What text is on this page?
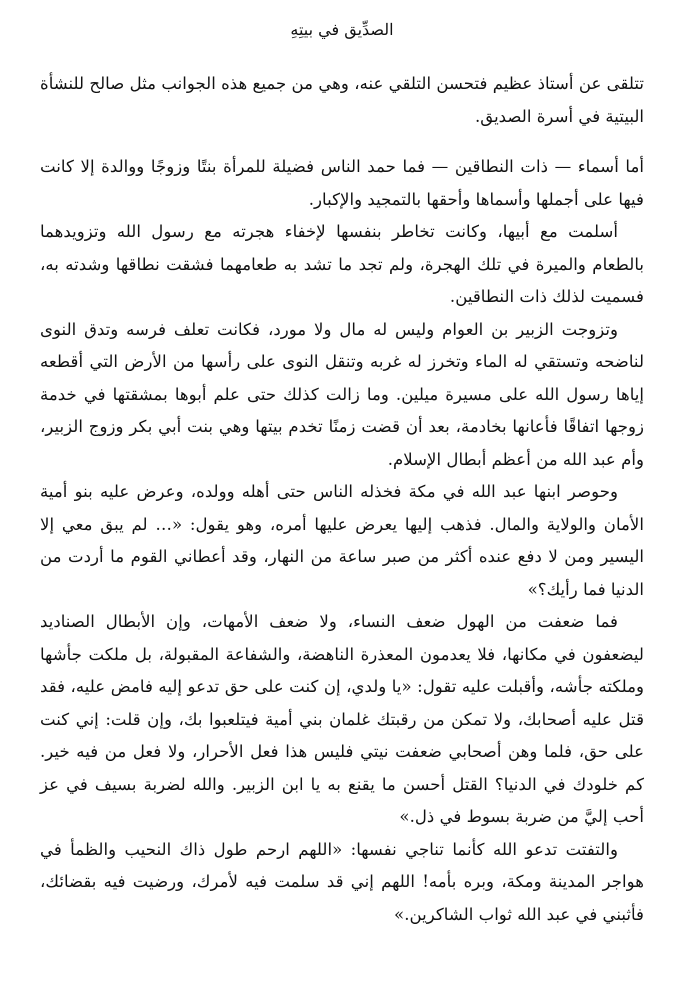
الصدِّيق في بيتِهِ

تتلقى عن أستاذ عظيم فتحسن التلقي عنه، وهي من جميع هذه الجوانب مثل صالح للنشأة البيتية في أسرة الصديق.

أما أسماء — ذات النطاقين — فما حمد الناس فضيلة للمرأة بنتًا وزوجًا ووالدة إلا كانت فيها على أجملها وأسماها وأحقها بالتمجيد والإكبار.

أسلمت مع أبيها، وكانت تخاطر بنفسها لإخفاء هجرته مع رسول الله وتزويدهما بالطعام والميرة في تلك الهجرة، ولم تجد ما تشد به طعامهما فشقت نطاقها وشدته به، فسميت لذلك ذات النطاقين.

وتزوجت الزبير بن العوام وليس له مال ولا مورد، فكانت تعلف فرسه وتدق النوى لناضحه وتستقي له الماء وتخرز له غربه وتنقل النوى على رأسها من الأرض التي أقطعه إياها رسول الله على مسيرة ميلين. وما زالت كذلك حتى علم أبوها بمشقتها في خدمة زوجها اتفاقًا فأعانها بخادمة، بعد أن قضت زمنًا تخدم بيتها وهي بنت أبي بكر وزوج الزبير، وأم عبد الله من أعظم أبطال الإسلام.

وحوصر ابنها عبد الله في مكة فخذله الناس حتى أهله وولده، وعرض عليه بنو أمية الأمان والولاية والمال. فذهب إليها يعرض عليها أمره، وهو يقول: «… لم يبق معي إلا اليسير ومن لا دفع عنده أكثر من صبر ساعة من النهار، وقد أعطاني القوم ما أردت من الدنيا فما رأيك؟»

فما ضعفت من الهول ضعف النساء، ولا ضعف الأمهات، وإن الأبطال الصناديد ليضعفون في مكانها، فلا يعدمون المعذرة الناهضة، والشفاعة المقبولة، بل ملكت جأشها وملكته جأشه، وأقبلت عليه تقول: «يا ولدي، إن كنت على حق تدعو إليه فامض عليه، فقد قتل عليه أصحابك، ولا تمكن من رقبتك غلمان بني أمية فيتلعبوا بك، وإن قلت: إني كنت على حق، فلما وهن أصحابي ضعفت نيتي فليس هذا فعل الأحرار، ولا فعل من فيه خير. كم خلودك في الدنيا؟ القتل أحسن ما يقنع به يا ابن الزبير. والله لضربة بسيف في عز أحب إليَّ من ضربة بسوط في ذل.»

والتفتت تدعو الله كأنما تناجي نفسها: «اللهم ارحم طول ذاك النحيب والظمأ في هواجر المدينة ومكة، وبره بأمه! اللهم إني قد سلمت فيه لأمرك، ورضيت فيه بقضائك، فأثبني في عبد الله ثواب الشاكرين.»
